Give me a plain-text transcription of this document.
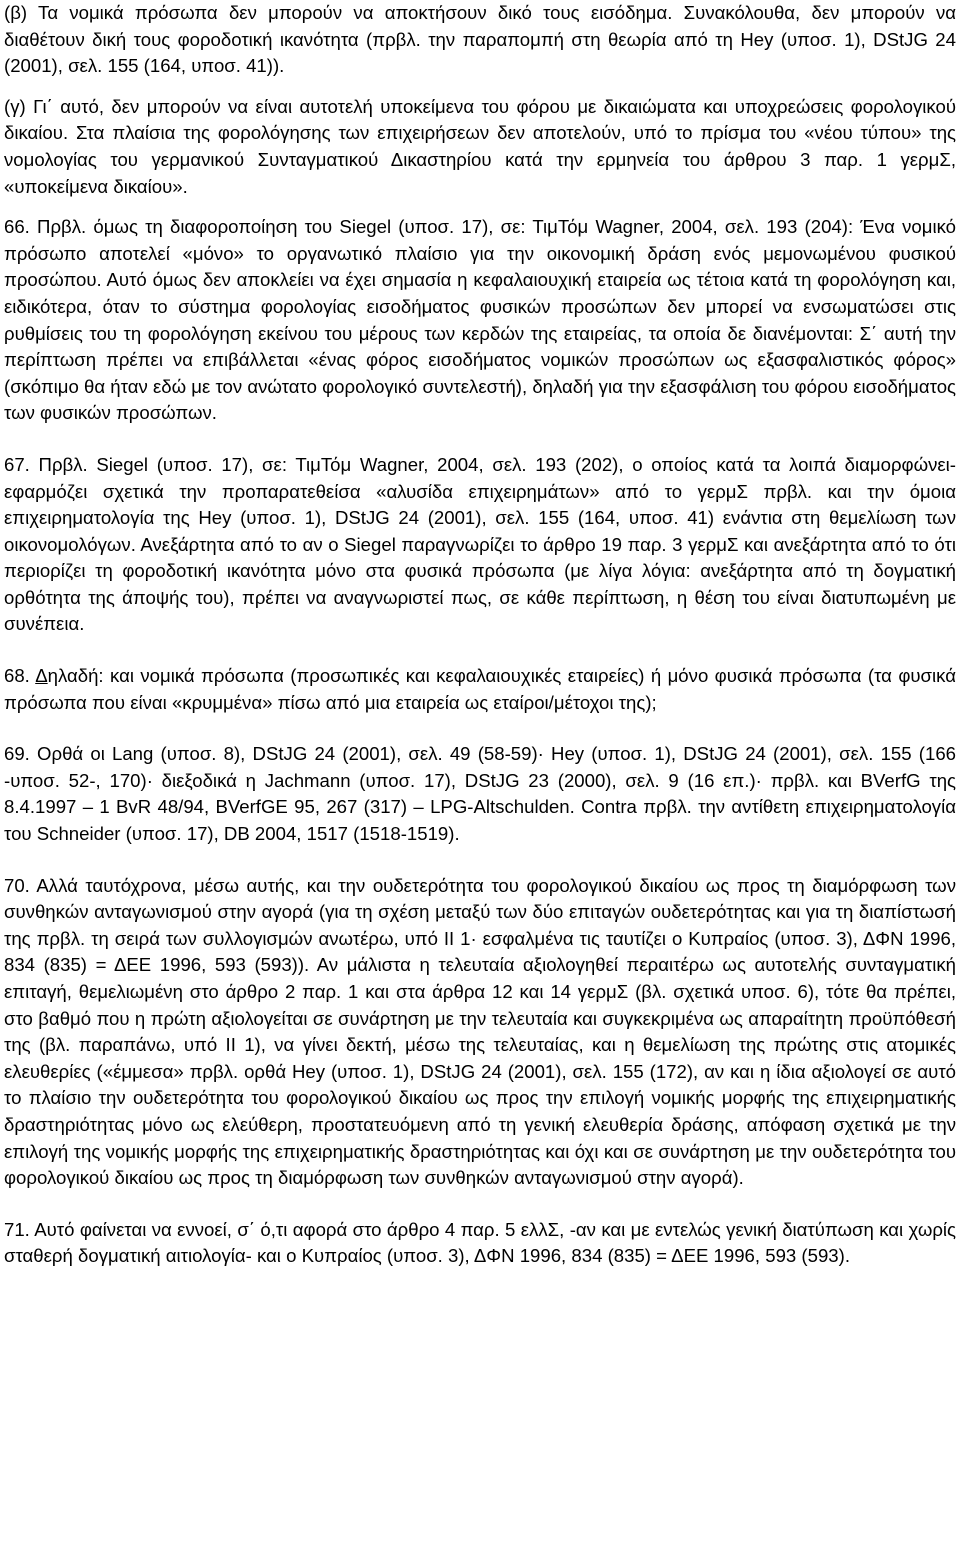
(β) Τα νομικά πρόσωπα δεν μπορούν να αποκτήσουν δικό τους εισόδημα. Συνακόλουθα, δεν μπορούν να διαθέτουν δική τους φοροδοτική ικανότητα (πρβλ. την παραπομπή στη θεωρία από τη Hey (υποσ. 1), DStJG 24 (2001), σελ. 155 (164, υποσ. 41)).

(γ) Γι΄ αυτό, δεν μπορούν να είναι αυτοτελή υποκείμενα του φόρου με δικαιώματα και υποχρεώσεις φορολογικού δικαίου. Στα πλαίσια της φορολόγησης των επιχειρήσεων δεν αποτελούν, υπό το πρίσμα του «νέου τύπου» της νομολογίας του γερμανικού Συνταγματικού Δικαστηρίου κατά την ερμηνεία του άρθρου 3 παρ. 1 γερμΣ, «υποκείμενα δικαίου».

66. Πρβλ. όμως τη διαφοροποίηση του Siegel (υποσ. 17), σε: ΤιμΤόμ Wagner, 2004, σελ. 193 (204): Ένα νομικό πρόσωπο αποτελεί «μόνο» το οργανωτικό πλαίσιο για την οικονομική δράση ενός μεμονωμένου φυσικού προσώπου. Αυτό όμως δεν αποκλείει να έχει σημασία η κεφαλαιουχική εταιρεία ως τέτοια κατά τη φορολόγηση και, ειδικότερα, όταν το σύστημα φορολογίας εισοδήματος φυσικών προσώπων δεν μπορεί να ενσωματώσει στις ρυθμίσεις του τη φορολόγηση εκείνου του μέρους των κερδών της εταιρείας, τα οποία δε διανέμονται: Σ΄ αυτή την περίπτωση πρέπει να επιβάλλεται «ένας φόρος εισοδήματος νομικών προσώπων ως εξασφαλιστικός φόρος» (σκόπιμο θα ήταν εδώ με τον ανώτατο φορολογικό συντελεστή), δηλαδή για την εξασφάλιση του φόρου εισοδήματος των φυσικών προσώπων.

67. Πρβλ. Siegel (υποσ. 17), σε: ΤιμΤόμ Wagner, 2004, σελ. 193 (202), ο οποίος κατά τα λοιπά διαμορφώνει-εφαρμόζει σχετικά την προπαρατεθείσα «αλυσίδα επιχειρημάτων» από το γερμΣ πρβλ. και την όμοια επιχειρηματολογία της Hey (υποσ. 1), DStJG 24 (2001), σελ. 155 (164, υποσ. 41) ενάντια στη θεμελίωση των οικονομολόγων. Ανεξάρτητα από το αν ο Siegel παραγνωρίζει το άρθρο 19 παρ. 3 γερμΣ και ανεξάρτητα από το ότι περιορίζει τη φοροδοτική ικανότητα μόνο στα φυσικά πρόσωπα (με λίγα λόγια: ανεξάρτητα από τη δογματική ορθότητα της άποψής του), πρέπει να αναγνωριστεί πως, σε κάθε περίπτωση, η θέση του είναι διατυπωμένη με συνέπεια.

68. Δηλαδή: και νομικά πρόσωπα (προσωπικές και κεφαλαιουχικές εταιρείες) ή μόνο φυσικά πρόσωπα (τα φυσικά πρόσωπα που είναι «κρυμμένα» πίσω από μια εταιρεία ως εταίροι/μέτοχοι της);

69. Ορθά οι Lang (υποσ. 8), DStJG 24 (2001), σελ. 49 (58-59)· Hey (υποσ. 1), DStJG 24 (2001), σελ. 155 (166 -υποσ. 52-, 170)· διεξοδικά η Jachmann (υποσ. 17), DStJG 23 (2000), σελ. 9 (16 επ.)· πρβλ. και BVerfG της 8.4.1997 – 1 BvR 48/94, BVerfGE 95, 267 (317) – LPG-Altschulden. Contra πρβλ. την αντίθετη επιχειρηματολογία του Schneider (υποσ. 17), DB 2004, 1517 (1518-1519).

70. Αλλά ταυτόχρονα, μέσω αυτής, και την ουδετερότητα του φορολογικού δικαίου ως προς τη διαμόρφωση των συνθηκών ανταγωνισμού στην αγορά (για τη σχέση μεταξύ των δύο επιταγών ουδετερότητας και για τη διαπίστωσή της πρβλ. τη σειρά των συλλογισμών ανωτέρω, υπό ΙΙ 1· εσφαλμένα τις ταυτίζει ο Κυπραίος (υποσ. 3), ΔΦΝ 1996, 834 (835) = ΔΕΕ 1996, 593 (593)). Αν μάλιστα η τελευταία αξιολογηθεί περαιτέρω ως αυτοτελής συνταγματική επιταγή, θεμελιωμένη στο άρθρο 2 παρ. 1 και στα άρθρα 12 και 14 γερμΣ (βλ. σχετικά υποσ. 6), τότε θα πρέπει, στο βαθμό που η πρώτη αξιολογείται σε συνάρτηση με την τελευταία και συγκεκριμένα ως απαραίτητη προϋπόθεσή της (βλ. παραπάνω, υπό ΙΙ 1), να γίνει δεκτή, μέσω της τελευταίας, και η θεμελίωση της πρώτης στις ατομικές ελευθερίες («έμμεσα» πρβλ. ορθά Hey (υποσ. 1), DStJG 24 (2001), σελ. 155 (172), αν και η ίδια αξιολογεί σε αυτό το πλαίσιο την ουδετερότητα του φορολογικού δικαίου ως προς την επιλογή νομικής μορφής της επιχειρηματικής δραστηριότητας μόνο ως ελεύθερη, προστατευόμενη από τη γενική ελευθερία δράσης, απόφαση σχετικά με την επιλογή της νομικής μορφής της επιχειρηματικής δραστηριότητας και όχι και σε συνάρτηση με την ουδετερότητα του φορολογικού δικαίου ως προς τη διαμόρφωση των συνθηκών ανταγωνισμού στην αγορά).

71. Αυτό φαίνεται να εννοεί, σ΄ ό,τι αφορά στο άρθρο 4 παρ. 5 ελλΣ, -αν και με εντελώς γενική διατύπωση και χωρίς σταθερή δογματική αιτιολογία- και ο Κυπραίος (υποσ. 3), ΔΦΝ 1996, 834 (835) = ΔΕΕ 1996, 593 (593).
